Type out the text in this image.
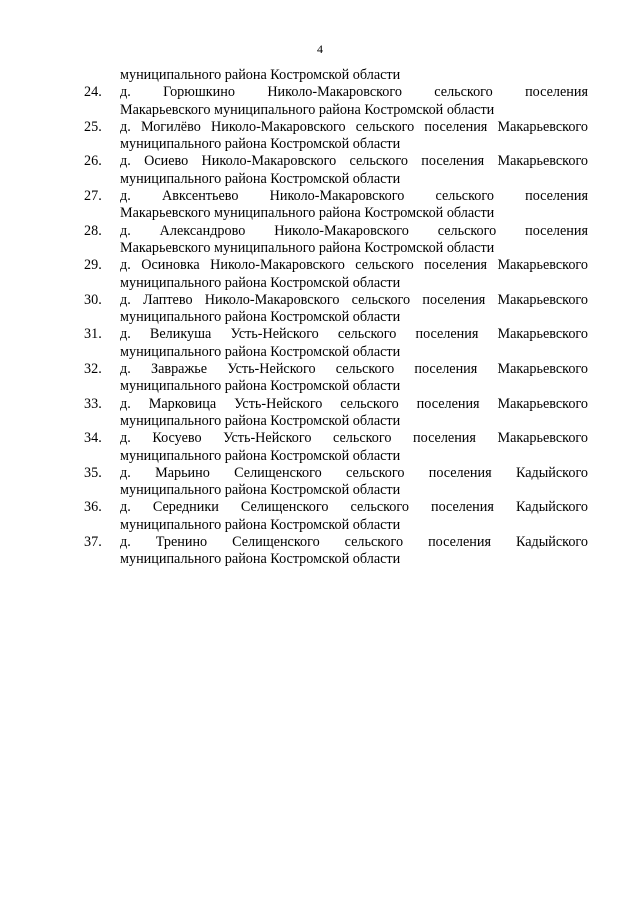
4
муниципального района Костромской области
24.	д. Горюшкино Николо-Макаровского сельского поселения
Макарьевского муниципального района Костромской области
25.	д. Могилёво Николо-Макаровского сельского поселения Макарьевского
муниципального района Костромской области
26.	д. Осиево Николо-Макаровского сельского поселения Макарьевского
муниципального района Костромской области
27.	д. Авксентьево Николо-Макаровского сельского поселения
Макарьевского муниципального района Костромской области
28.	д. Александрово Николо-Макаровского сельского поселения
Макарьевского муниципального района Костромской области
29.	д. Осиновка Николо-Макаровского сельского поселения Макарьевского
муниципального района Костромской области
30.	д. Лаптево Николо-Макаровского сельского поселения Макарьевского
муниципального района Костромской области
31.	д. Великуша Усть-Нейского сельского поселения Макарьевского
муниципального района Костромской области
32.	д. Завражье Усть-Нейского сельского поселения Макарьевского
муниципального района Костромской области
33.	д. Марковица Усть-Нейского сельского поселения Макарьевского
муниципального района Костромской области
34.	д. Косуево Усть-Нейского сельского поселения Макарьевского
муниципального района Костромской области
35.	д. Марьино Селищенского сельского поселения Кадыйского
муниципального района Костромской области
36.	д. Середники Селищенского сельского поселения Кадыйского
муниципального района Костромской области
37.	д. Тренино Селищенского сельского поселения Кадыйского
муниципального района Костромской области
